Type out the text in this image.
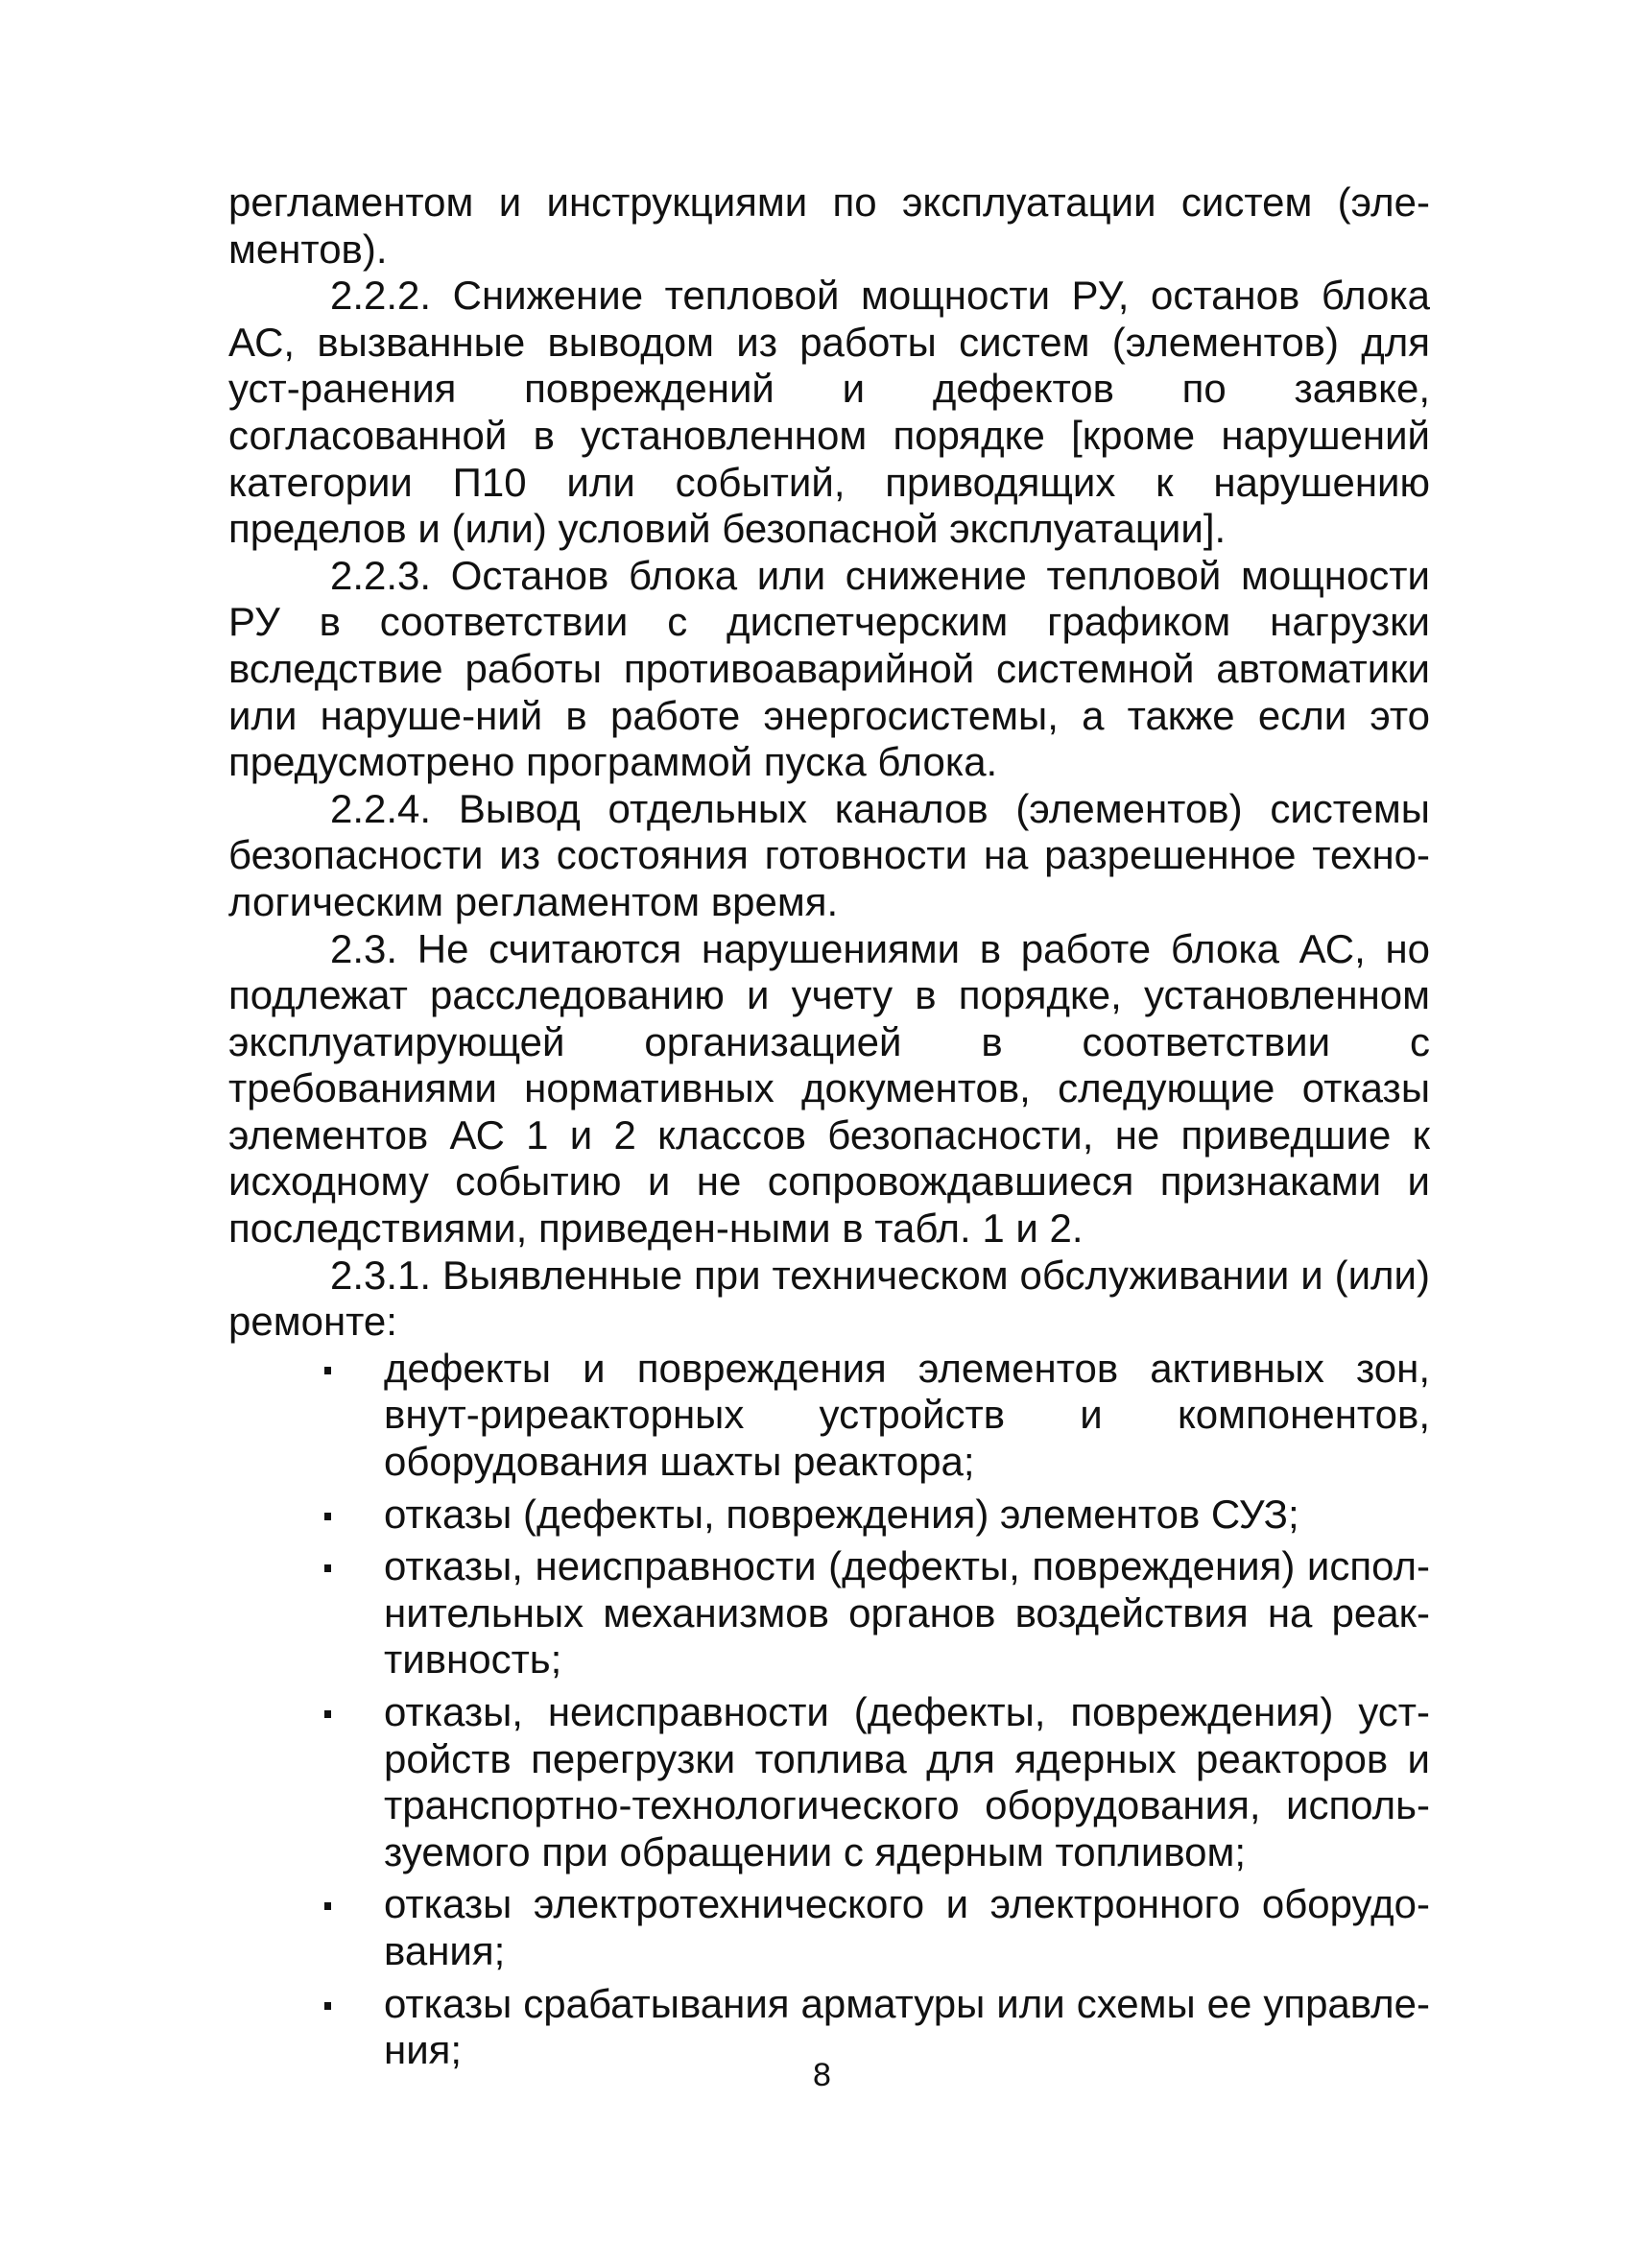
регламентом и инструкциями по эксплуатации систем (эле-ментов).

2.2.2. Снижение тепловой мощности РУ, останов блока АС, вызванные выводом из работы систем (элементов) для уст-ранения повреждений и дефектов по заявке, согласованной в установленном порядке [кроме нарушений категории П10 или событий, приводящих к нарушению пределов и (или) условий безопасной эксплуатации].

2.2.3. Останов блока или снижение тепловой мощности РУ в соответствии с диспетчерским графиком нагрузки вследствие работы противоаварийной системной автоматики или наруше-ний в работе энергосистемы, а также если это предусмотрено программой пуска блока.

2.2.4. Вывод отдельных каналов (элементов) системы безопасности из состояния готовности на разрешенное техно-логическим регламентом время.

2.3. Не считаются нарушениями в работе блока АС, но подлежат расследованию и учету в порядке, установленном эксплуатирующей организацией в соответствии с требованиями нормативных документов, следующие отказы элементов АС 1 и 2 классов безопасности, не приведшие к исходному событию и не сопровождавшиеся признаками и последствиями, приведен-ными в табл. 1 и 2.

2.3.1. Выявленные при техническом обслуживании и (или) ремонте:

дефекты и повреждения элементов активных зон, внут-риреакторных устройств и компонентов, оборудования шахты реактора;
отказы (дефекты, повреждения) элементов СУЗ;
отказы, неисправности (дефекты, повреждения) испол-нительных механизмов органов воздействия на реак-тивность;
отказы, неисправности (дефекты, повреждения) уст-ройств перегрузки топлива для ядерных реакторов и транспортно-технологического оборудования, исполь-зуемого при обращении с ядерным топливом;
отказы электротехнического и электронного оборудо-вания;
отказы срабатывания арматуры или схемы ее управле-ния;
8
